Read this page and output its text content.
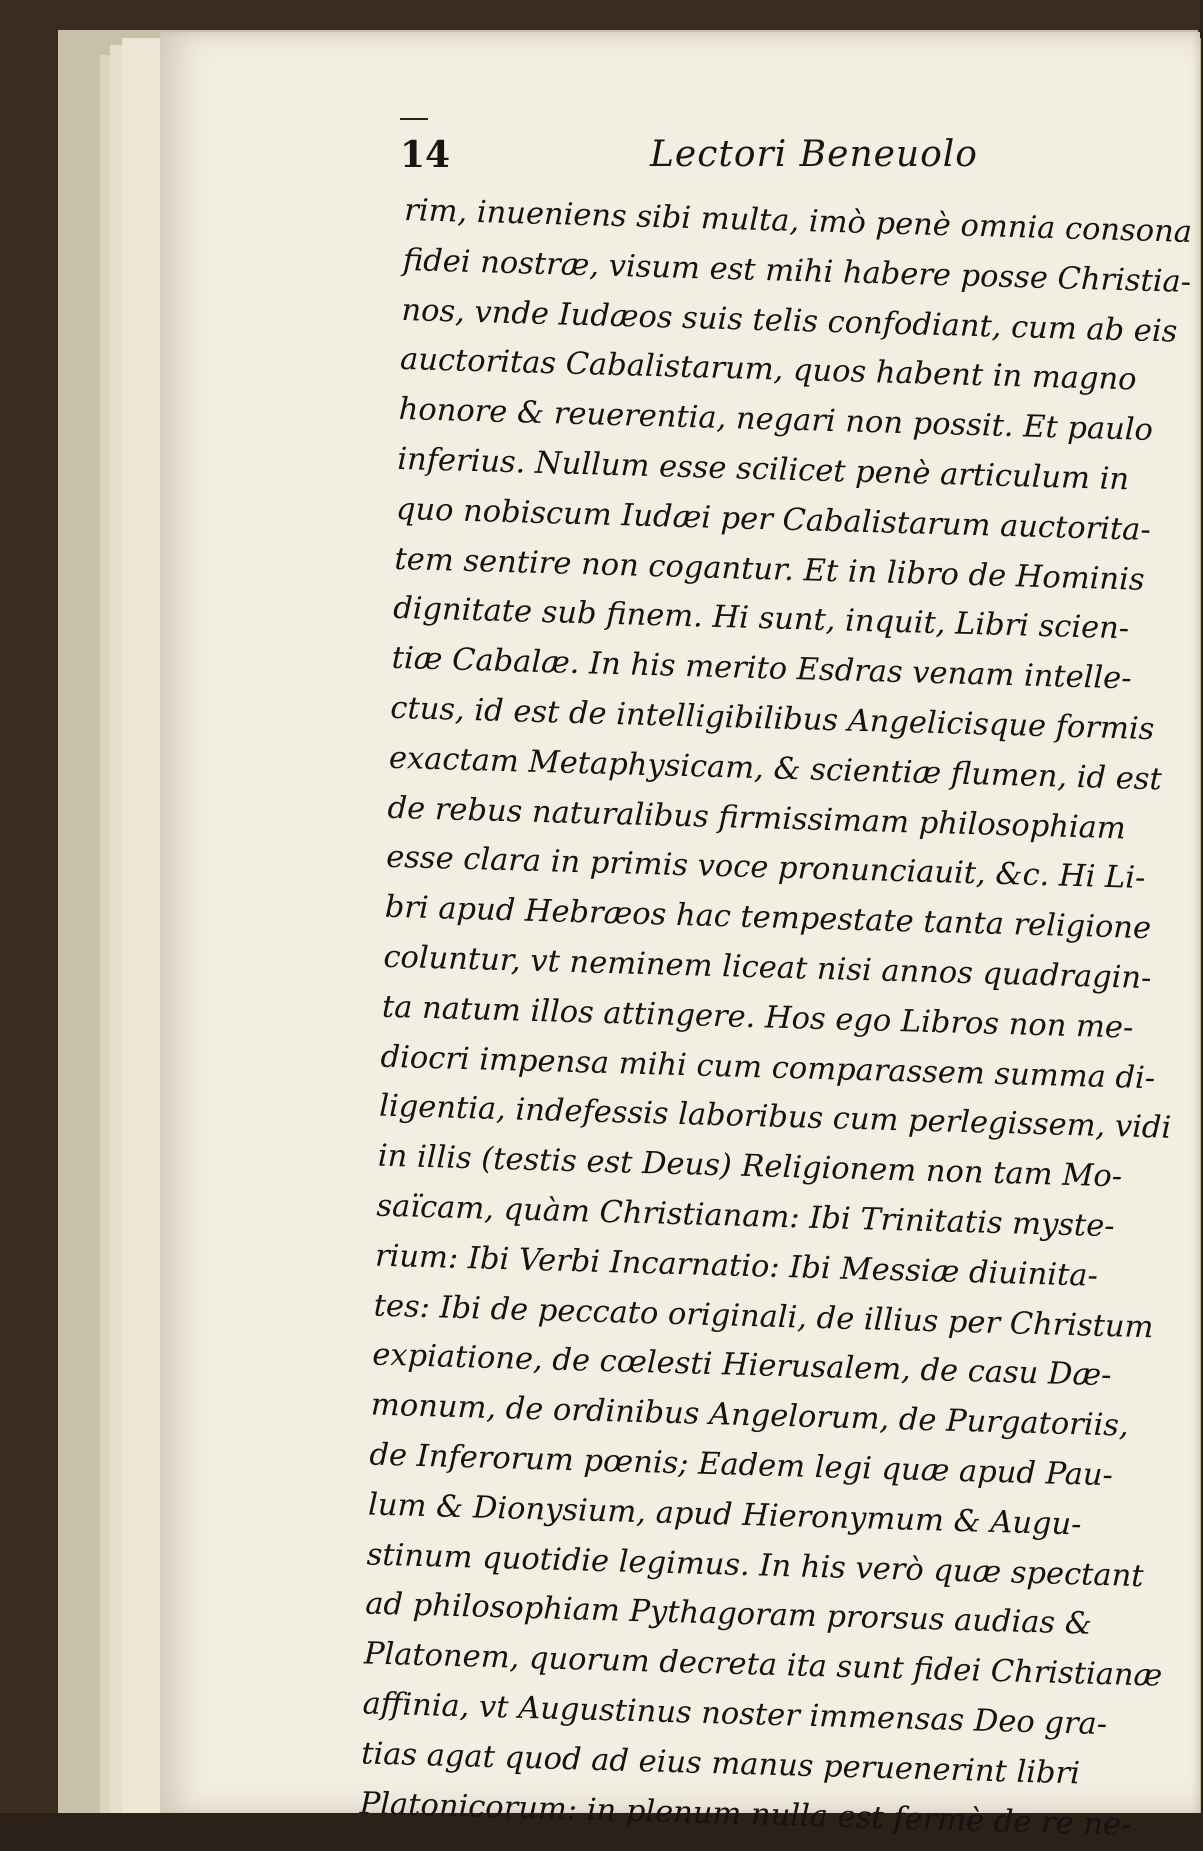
14	Lectori Beneuolo
rim, inueniens sibi multa, imò penè omnia consona
fidei nostræ, visum est mihi habere posse Christia-
nos, vnde Iudæos suis telis confodiant, cum ab eis
auctoritas Cabalistarum, quos habent in magno
honore & reuerentia, negari non possit. Et paulo
inferius. Nullum esse scilicet penè articulum in
quo nobiscum Iudæi per Cabalistarum auctorita-
tem sentire non cogantur. Et in libro de Hominis
dignitate sub finem. Hi sunt, inquit, Libri scien-
tiæ Cabalæ. In his merito Esdras venam intelle-
ctus, id est de intelligibilibus Angelicisque formis
exactam Metaphysicam, & scientiæ flumen, id est
de rebus naturalibus firmissimam philosophiam
esse clara in primis voce pronunciauit, &c. Hi Li-
bri apud Hebræos hac tempestate tanta religione
coluntur, vt neminem liceat nisi annos quadragin-
ta natum illos attingere. Hos ego Libros non me-
diocri impensa mihi cum comparassem summa di-
ligentia, indefessis laboribus cum perlegissem, vidi
in illis (testis est Deus) Religionem non tam Mo-
saïcam, quàm Christianam: Ibi Trinitatis myste-
rium: Ibi Verbi Incarnatio: Ibi Messiæ diuinita-
tes: Ibi de peccato originali, de illius per Christum
expiatione, de cœlesti Hierusalem, de casu Dæ-
monum, de ordinibus Angelorum, de Purgatoriis,
de Inferorum pœnis; Eadem legi quæ apud Pau-
lum & Dionysium, apud Hieronymum & Augu-
stinum quotidie legimus. In his verò quæ spectant
ad philosophiam Pythagoram prorsus audias &
Platonem, quorum decreta ita sunt fidei Christianæ
affinia, vt Augustinus noster immensas Deo gra-
tias agat quod ad eius manus peruenerint libri
Platonicorum: in plenum nulla est fermè de re ne-
